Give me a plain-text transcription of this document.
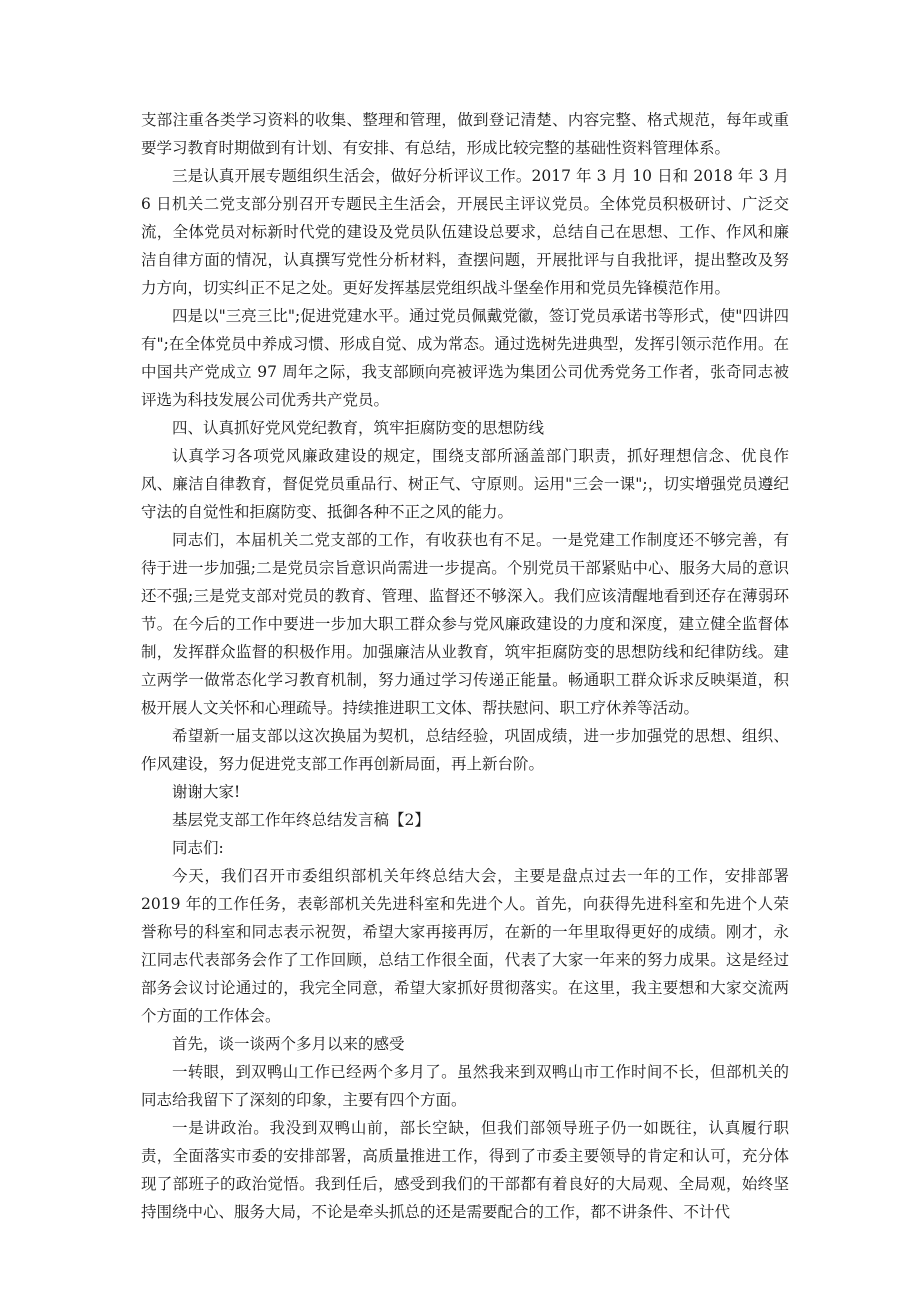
支部注重各类学习资料的收集、整理和管理，做到登记清楚、内容完整、格式规范，每年或重要学习教育时期做到有计划、有安排、有总结，形成比较完整的基础性资料管理体系。

三是认真开展专题组织生活会，做好分析评议工作。2017 年 3 月 10 日和 2018 年 3 月 6 日机关二党支部分别召开专题民主生活会，开展民主评议党员。全体党员积极研讨、广泛交流，全体党员对标新时代党的建设及党员队伍建设总要求，总结自己在思想、工作、作风和廉洁自律方面的情况，认真撰写党性分析材料，查摆问题，开展批评与自我批评，提出整改及努力方向，切实纠正不足之处。更好发挥基层党组织战斗堡垒作用和党员先锋模范作用。

四是以"三亮三比";促进党建水平。通过党员佩戴党徽，签订党员承诺书等形式，使"四讲四有";在全体党员中养成习惯、形成自觉、成为常态。通过选树先进典型，发挥引领示范作用。在中国共产党成立 97 周年之际，我支部顾向亮被评选为集团公司优秀党务工作者，张奇同志被评选为科技发展公司优秀共产党员。

四、认真抓好党风党纪教育，筑牢拒腐防变的思想防线

认真学习各项党风廉政建设的规定，围绕支部所涵盖部门职责，抓好理想信念、优良作风、廉洁自律教育，督促党员重品行、树正气、守原则。运用"三会一课";，切实增强党员遵纪守法的自觉性和拒腐防变、抵御各种不正之风的能力。

同志们，本届机关二党支部的工作，有收获也有不足。一是党建工作制度还不够完善，有待于进一步加强;二是党员宗旨意识尚需进一步提高。个别党员干部紧贴中心、服务大局的意识还不强;三是党支部对党员的教育、管理、监督还不够深入。我们应该清醒地看到还存在薄弱环节。在今后的工作中要进一步加大职工群众参与党风廉政建设的力度和深度，建立健全监督体制，发挥群众监督的积极作用。加强廉洁从业教育，筑牢拒腐防变的思想防线和纪律防线。建立两学一做常态化学习教育机制，努力通过学习传递正能量。畅通职工群众诉求反映渠道，积极开展人文关怀和心理疏导。持续推进职工文体、帮扶慰问、职工疗休养等活动。

希望新一届支部以这次换届为契机，总结经验，巩固成绩，进一步加强党的思想、组织、作风建设，努力促进党支部工作再创新局面，再上新台阶。

谢谢大家!

基层党支部工作年终总结发言稿【2】

同志们:

今天，我们召开市委组织部机关年终总结大会，主要是盘点过去一年的工作，安排部署 2019 年的工作任务，表彰部机关先进科室和先进个人。首先，向获得先进科室和先进个人荣誉称号的科室和同志表示祝贺，希望大家再接再厉，在新的一年里取得更好的成绩。刚才，永江同志代表部务会作了工作回顾，总结工作很全面，代表了大家一年来的努力成果。这是经过部务会议讨论通过的，我完全同意，希望大家抓好贯彻落实。在这里，我主要想和大家交流两个方面的工作体会。

首先，谈一谈两个多月以来的感受

一转眼，到双鸭山工作已经两个多月了。虽然我来到双鸭山市工作时间不长，但部机关的同志给我留下了深刻的印象，主要有四个方面。

一是讲政治。我没到双鸭山前，部长空缺，但我们部领导班子仍一如既往，认真履行职责，全面落实市委的安排部署，高质量推进工作，得到了市委主要领导的肯定和认可，充分体现了部班子的政治觉悟。我到任后，感受到我们的干部都有着良好的大局观、全局观，始终坚持围绕中心、服务大局，不论是牵头抓总的还是需要配合的工作，都不讲条件、不计代
